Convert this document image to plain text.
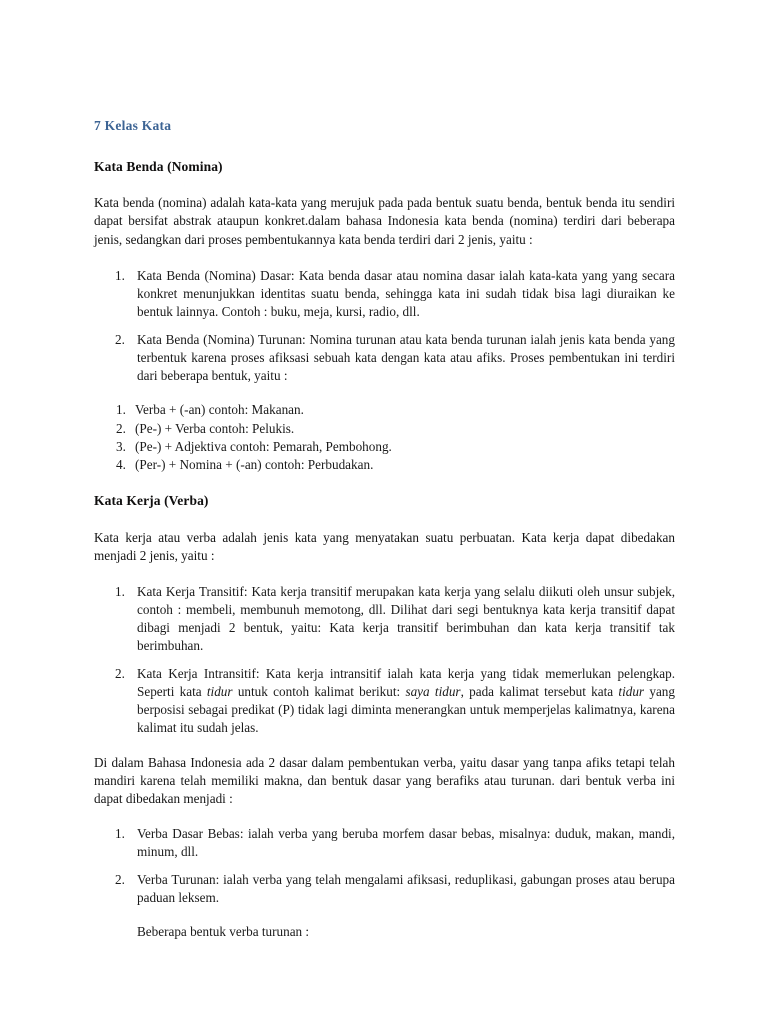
7 Kelas Kata
Kata Benda (Nomina)

Kata benda (nomina) adalah kata-kata yang merujuk pada pada bentuk suatu benda, bentuk benda itu sendiri dapat bersifat abstrak ataupun konkret.dalam bahasa Indonesia kata benda (nomina) terdiri dari beberapa jenis, sedangkan dari proses pembentukannya kata benda terdiri dari 2 jenis, yaitu :

Kata Benda (Nomina) Dasar: Kata benda dasar atau nomina dasar ialah kata-kata yang yang secara konkret menunjukkan identitas suatu benda, sehingga kata ini sudah tidak bisa lagi diuraikan ke bentuk lainnya. Contoh : buku, meja, kursi, radio, dll.
Kata Benda (Nomina) Turunan: Nomina turunan atau kata benda turunan ialah jenis kata benda yang terbentuk karena proses afiksasi sebuah kata dengan kata atau afiks. Proses pembentukan ini terdiri dari beberapa bentuk, yaitu :
Verba + (-an) contoh: Makanan.
(Pe-) + Verba contoh: Pelukis.
(Pe-) + Adjektiva contoh: Pemarah, Pembohong.
(Per-) + Nomina + (-an) contoh: Perbudakan.
Kata Kerja (Verba)

Kata kerja atau verba adalah jenis kata yang menyatakan suatu perbuatan. Kata kerja dapat dibedakan menjadi 2 jenis, yaitu :

Kata Kerja Transitif: Kata kerja transitif merupakan kata kerja yang selalu diikuti oleh unsur subjek, contoh : membeli, membunuh memotong, dll. Dilihat dari segi bentuknya kata kerja transitif dapat dibagi menjadi 2 bentuk, yaitu: Kata kerja transitif berimbuhan dan kata kerja transitif tak berimbuhan.
Kata Kerja Intransitif: Kata kerja intransitif ialah kata kerja yang tidak memerlukan pelengkap. Seperti kata tidur untuk contoh kalimat berikut: saya tidur, pada kalimat tersebut kata tidur yang berposisi sebagai predikat (P) tidak lagi diminta menerangkan untuk memperjelas kalimatnya, karena kalimat itu sudah jelas.

Di dalam Bahasa Indonesia ada 2 dasar dalam pembentukan verba, yaitu dasar yang tanpa afiks tetapi telah mandiri karena telah memiliki makna, dan bentuk dasar yang berafiks atau turunan. dari bentuk verba ini dapat dibedakan menjadi :

Verba Dasar Bebas: ialah verba yang beruba morfem dasar bebas, misalnya: duduk, makan, mandi, minum, dll.
Verba Turunan: ialah verba yang telah mengalami afiksasi, reduplikasi, gabungan proses atau berupa paduan leksem.

Beberapa bentuk verba turunan :
